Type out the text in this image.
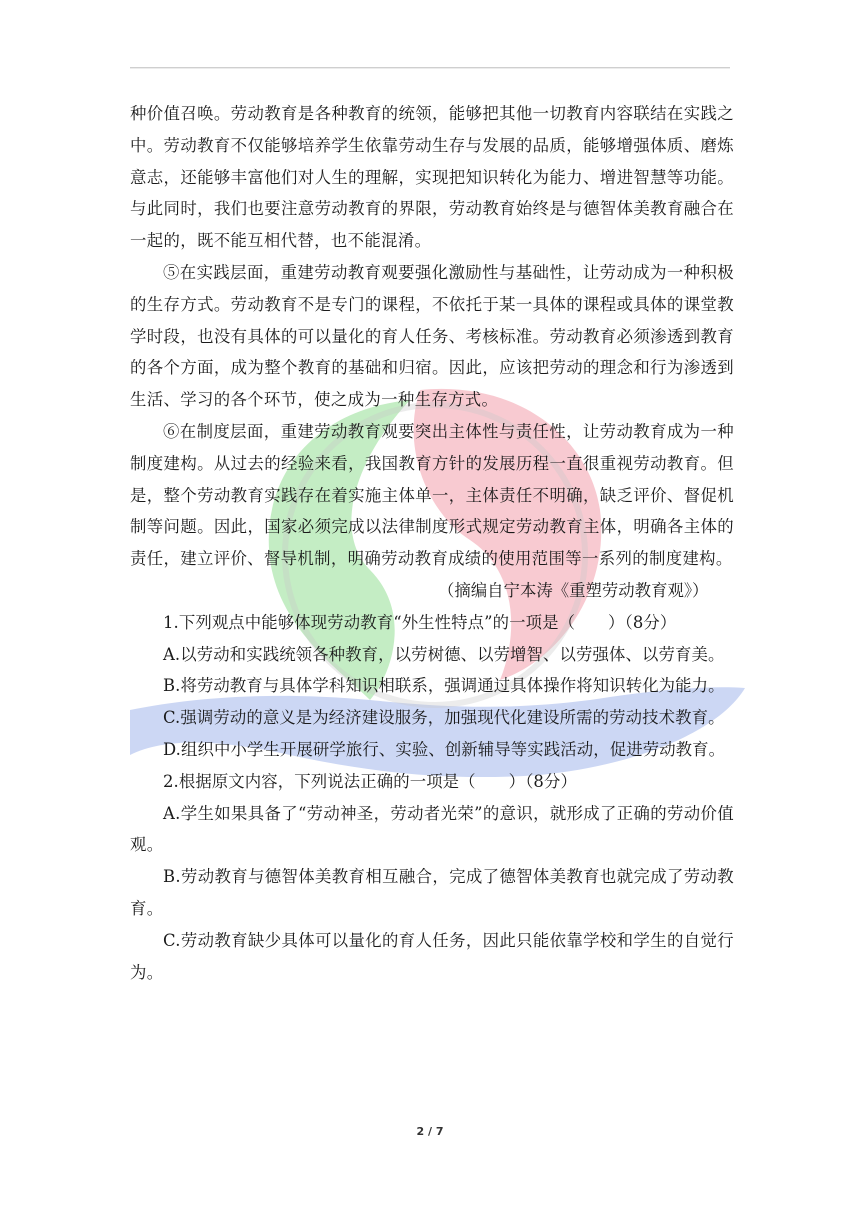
种价值召唤。劳动教育是各种教育的统领，能够把其他一切教育内容联结在实践之中。劳动教育不仅能够培养学生依靠劳动生存与发展的品质，能够增强体质、磨炼意志，还能够丰富他们对人生的理解，实现把知识转化为能力、增进智慧等功能。与此同时，我们也要注意劳动教育的界限，劳动教育始终是与德智体美教育融合在一起的，既不能互相代替，也不能混淆。

⑤在实践层面，重建劳动教育观要强化激励性与基础性，让劳动成为一种积极的生存方式。劳动教育不是专门的课程，不依托于某一具体的课程或具体的课堂教学时段，也没有具体的可以量化的育人任务、考核标准。劳动教育必须渗透到教育的各个方面，成为整个教育的基础和归宿。因此，应该把劳动的理念和行为渗透到生活、学习的各个环节，使之成为一种生存方式。

⑥在制度层面，重建劳动教育观要突出主体性与责任性，让劳动教育成为一种制度建构。从过去的经验来看，我国教育方针的发展历程一直很重视劳动教育。但是，整个劳动教育实践存在着实施主体单一，主体责任不明确，缺乏评价、督促机制等问题。因此，国家必须完成以法律制度形式规定劳动教育主体，明确各主体的责任，建立评价、督导机制，明确劳动教育成绩的使用范围等一系列的制度建构。

（摘编自宁本涛《重塑劳动教育观》）

1.下列观点中能够体现劳动教育“外生性特点”的一项是（　　）（8分）

A.以劳动和实践统领各种教育，以劳树德、以劳增智、以劳强体、以劳育美。

B.将劳动教育与具体学科知识相联系，强调通过具体操作将知识转化为能力。

C.强调劳动的意义是为经济建设服务，加强现代化建设所需的劳动技术教育。

D.组织中小学生开展研学旅行、实验、创新辅导等实践活动，促进劳动教育。

2.根据原文内容，下列说法正确的一项是（　　）（8分）

A.学生如果具备了“劳动神圣，劳动者光荣”的意识，就形成了正确的劳动价值观。

B.劳动教育与德智体美教育相互融合，完成了德智体美教育也就完成了劳动教育。

C.劳动教育缺少具体可以量化的育人任务，因此只能依靠学校和学生的自觉行为。

2 / 7
